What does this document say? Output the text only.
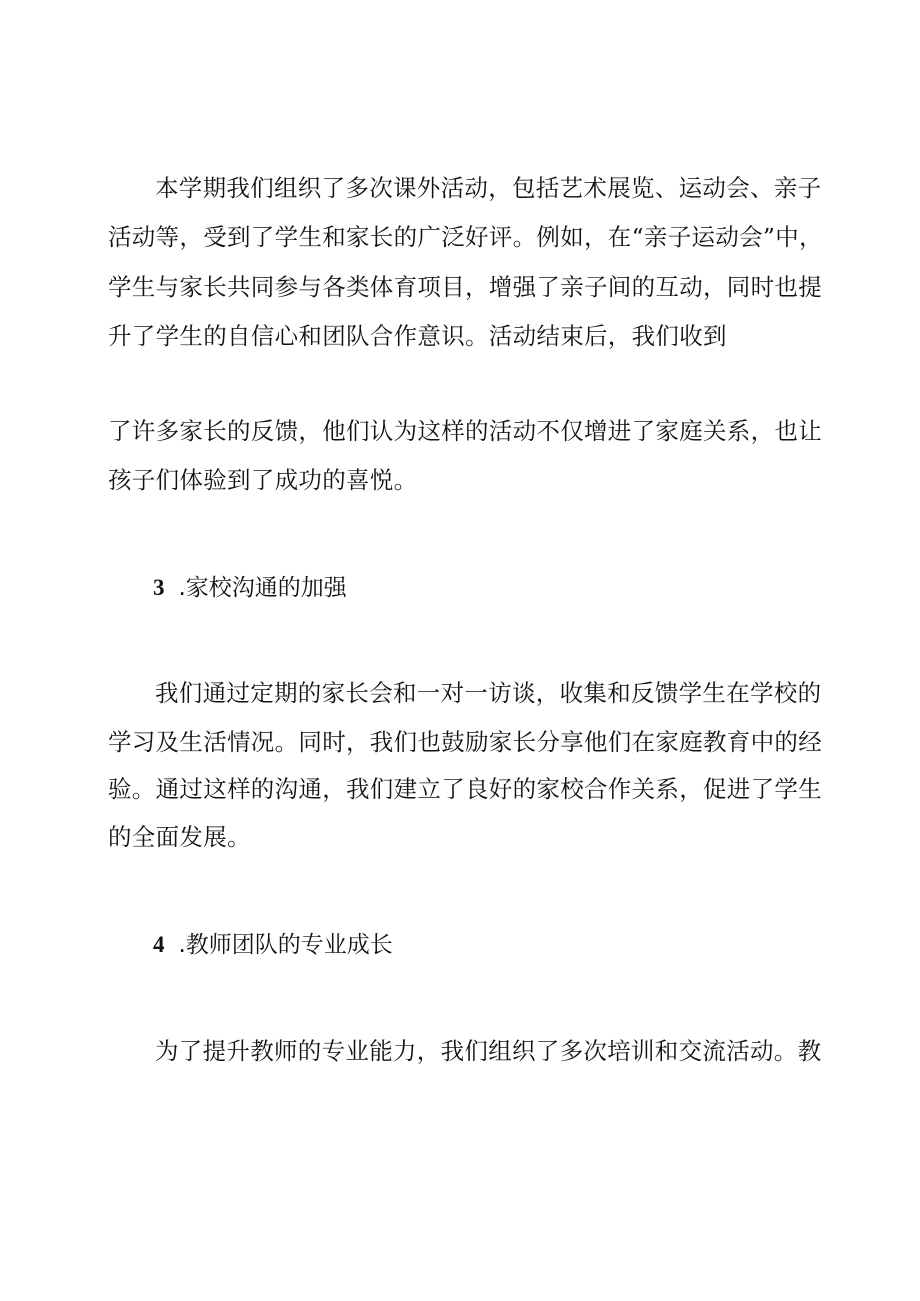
本学期我们组织了多次课外活动，包括艺术展览、运动会、亲子
活动等，受到了学生和家长的广泛好评。例如，在“亲子运动会”中，
学生与家长共同参与各类体育项目，增强了亲子间的互动，同时也提
升了学生的自信心和团队合作意识。活动结束后，我们收到
了许多家长的反馈，他们认为这样的活动不仅增进了家庭关系，也让
孩子们体验到了成功的喜悦。
3 .家校沟通的加强
我们通过定期的家长会和一对一访谈，收集和反馈学生在学校的
学习及生活情况。同时，我们也鼓励家长分享他们在家庭教育中的经
验。通过这样的沟通，我们建立了良好的家校合作关系，促进了学生
的全面发展。
4 .教师团队的专业成长
为了提升教师的专业能力，我们组织了多次培训和交流活动。教
